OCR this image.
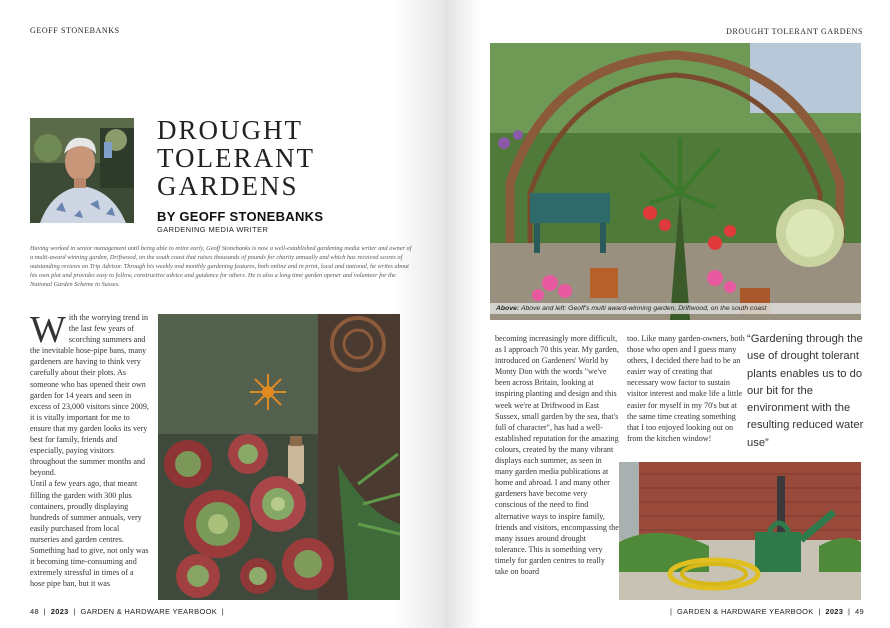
GEOFF STONEBANKS
DROUGHT
TOLERANT
GARDENS
BY GEOFF STONEBANKS
GARDENING MEDIA WRITER
Having worked in senior management until being able to retire early, Geoff Stonebanks is now a well-established gardening media writer and owner of a multi-award winning garden, Driftwood, on the south coast that raises thousands of pounds for charity annually and which has received scores of outstanding reviews on Trip Advisor. Through his weekly and monthly gardening features, both online and in print, local and national, he writes about his own plot and provides easy to follow, constructive advice and guidance for others. He is also a long time garden opener and volunteer for the National Garden Scheme in Sussex.
W ith the worrying trend in the last few years of scorching summers and the inevitable hose-pipe bans, many gardeners are having to think very carefully about their plots. As someone who has opened their own garden for 14 years and seen in excess of 23,000 visitors since 2009, it is vitally important for me to ensure that my garden looks its very best for family, friends and especially, paying visitors throughout the summer months and beyond.

Until a few years ago, that meant filling the garden with 300 plus containers, proudly displaying hundreds of summer annuals, very easily purchased from local nurseries and garden centres. Something had to give, not only was it becoming time-consuming and extremely stressful in times of a hose pipe ban, but it was

48  |  2023  |  GARDEN & HARDWARE YEARBOOK  |
DROUGHT TOLERANT GARDENS
Above: Above and left: Geoff's multi award-winning garden, Driftwood, on the south coast
becoming increasingly more difficult, as I approach 70 this year. My garden, introduced on Gardeners' World by Monty Don with the words "we've been across Britain, looking at inspiring planting and design and this week we're at Driftwood in East Sussex, small garden by the sea, that's full of character", has had a well-established reputation for the amazing colours, created by the many vibrant displays each summer, as seen in many garden media publications at home and abroad. I and many other gardeners have become very conscious of the need to find alternative ways to inspire family, friends and visitors, encompassing the many issues around drought tolerance. This is something very timely for garden centres to really take on board
too. Like many garden-owners, both those who open and I guess many others, I decided there had to be an easier way of creating that necessary wow factor to sustain visitor interest and make life a little easier for myself in my 70's but at the same time creating something that I too enjoyed looking out on from the kitchen window!
“Gardening through the use of drought tolerant plants enables us to do our bit for the environment with the resulting reduced water use”
|  GARDEN & HARDWARE YEARBOOK  |  2023  |  49
